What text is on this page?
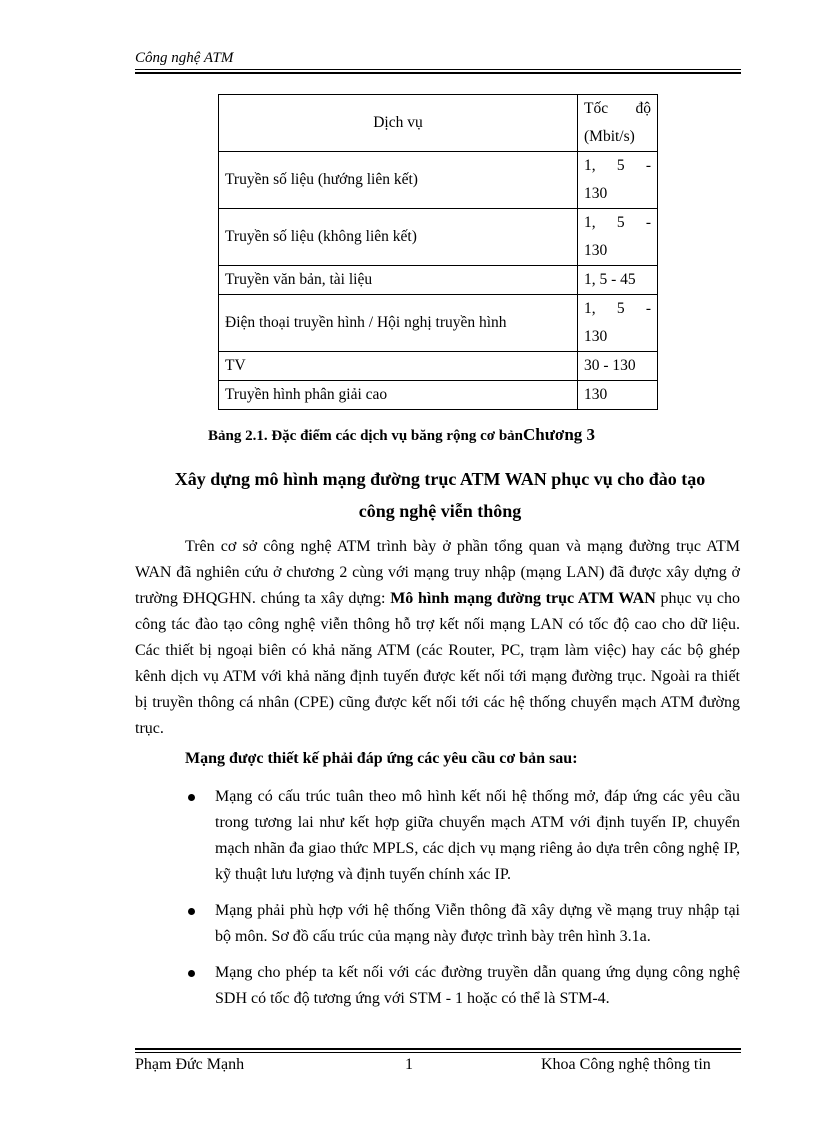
Công nghệ ATM
Dịch vụ	Tốc độ
(Mbit/s)

Truyền số liệu (hướng liên kết)	1, 5 -
130

Truyền số liệu (không liên kết)	1, 5 -
130

Truyền văn bản, tài liệu	1, 5 - 45
Điện thoại truyền hình / Hội nghị truyền hình	1, 5 -
130

TV	30 - 130
Truyền hình phân giải cao	130
Bảng 2.1. Đặc điểm các dịch vụ băng rộng cơ bảnChương 3
Xây dựng mô hình mạng đường trục ATM WAN phục vụ cho đào tạo
công nghệ viễn thông

Trên cơ sở công nghệ ATM trình bày ở phần tổng quan và mạng đường trục ATM WAN đã nghiên cứu ở chương 2 cùng với mạng truy nhập (mạng LAN) đã được xây dựng ở trường ĐHQGHN. chúng ta xây dựng: Mô hình mạng đường trục ATM WAN phục vụ cho công tác đào tạo công nghệ viễn thông hỗ trợ kết nối mạng LAN có tốc độ cao cho dữ liệu. Các thiết bị ngoại biên có khả năng ATM (các Router, PC, trạm làm việc) hay các bộ ghép kênh dịch vụ ATM với khả năng định tuyến được kết nối tới mạng đường trục. Ngoài ra thiết bị truyền thông cá nhân (CPE) cũng được kết nối tới các hệ thống chuyển mạch ATM đường trục.

Mạng được thiết kế phải đáp ứng các yêu cầu cơ bản sau:
Mạng có cấu trúc tuân theo mô hình kết nối hệ thống mở, đáp ứng các yêu cầu trong tương lai như kết hợp giữa chuyển mạch ATM với định tuyến IP, chuyển mạch nhãn đa giao thức MPLS, các dịch vụ mạng riêng ảo dựa trên công nghệ IP, kỹ thuật lưu lượng và định tuyến chính xác IP.
Mạng phải phù hợp với hệ thống Viễn thông đã xây dựng về mạng truy nhập tại bộ môn. Sơ đồ cấu trúc của mạng này được trình bày trên hình 3.1a.
Mạng cho phép ta kết nối với các đường truyền dẫn quang ứng dụng công nghệ SDH có tốc độ tương ứng với STM - 1 hoặc có thể là STM-4.
Phạm Đức Mạnh	1	Khoa Công nghệ thông tin
